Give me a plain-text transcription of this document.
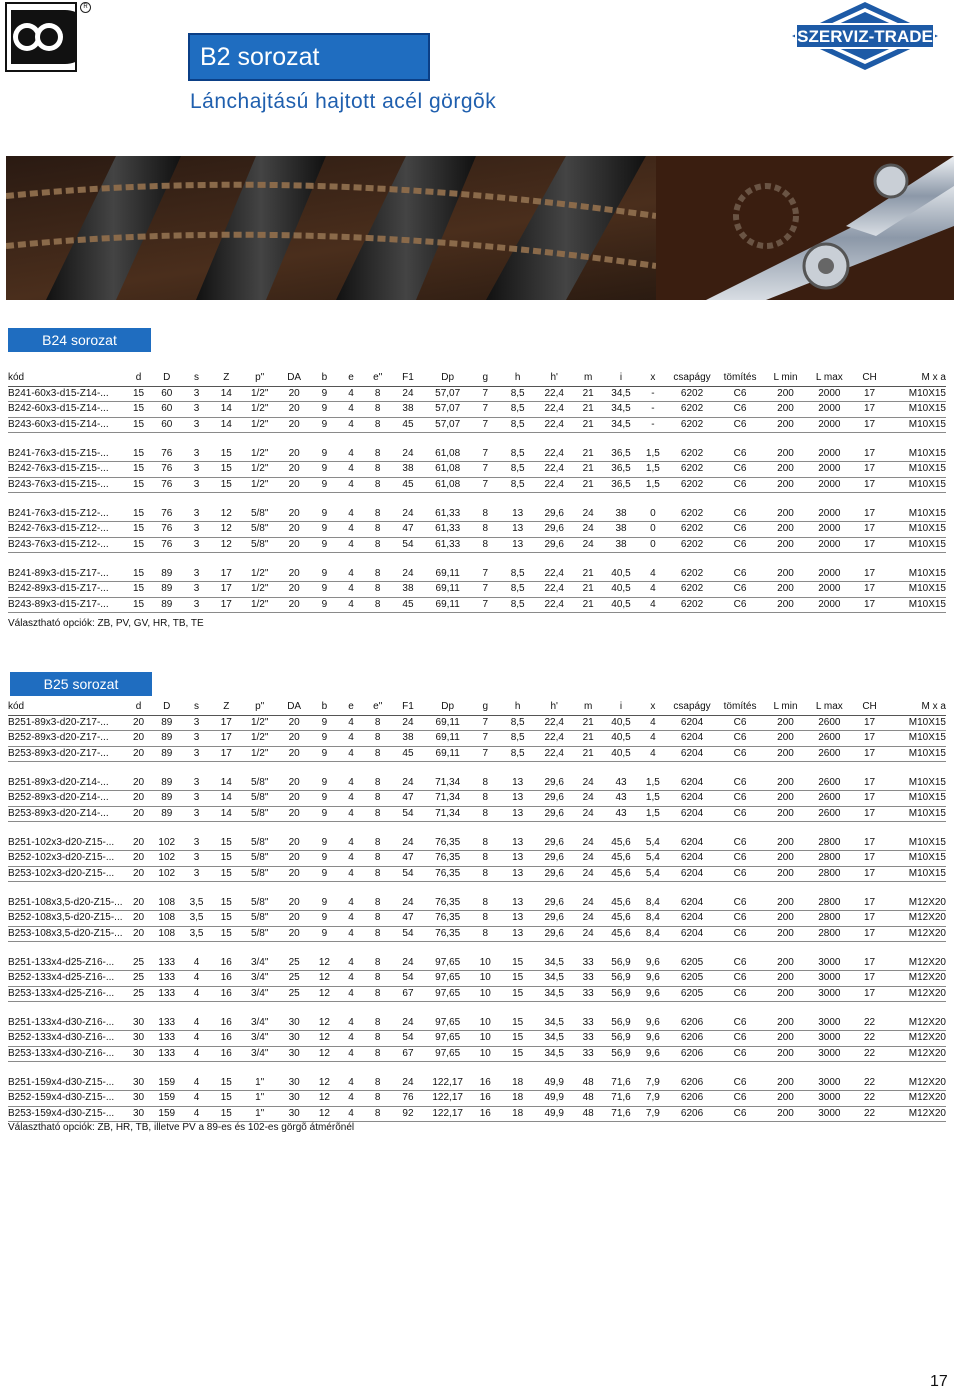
R
B2 sorozat
Lánchajtású hajtott acél görgõk
SZERVIZ-TRADE
B24 sorozat
kód	d	D	s	Z	p"	DA	b	e	e"	F1	Dp	g	h	h'	m	i	x	csapágy	tömítés	L min	L max	CH	M x a
B241-60x3-d15-Z14-...	15	60	3	14	1/2"	20	9	4	8	24	57,07	7	8,5	22,4	21	34,5	-	6202	C6	200	2000	17	M10X15
B242-60x3-d15-Z14-...	15	60	3	14	1/2"	20	9	4	8	38	57,07	7	8,5	22,4	21	34,5	-	6202	C6	200	2000	17	M10X15
B243-60x3-d15-Z14-...	15	60	3	14	1/2"	20	9	4	8	45	57,07	7	8,5	22,4	21	34,5	-	6202	C6	200	2000	17	M10X15

B241-76x3-d15-Z15-...	15	76	3	15	1/2"	20	9	4	8	24	61,08	7	8,5	22,4	21	36,5	1,5	6202	C6	200	2000	17	M10X15
B242-76x3-d15-Z15-...	15	76	3	15	1/2"	20	9	4	8	38	61,08	7	8,5	22,4	21	36,5	1,5	6202	C6	200	2000	17	M10X15
B243-76x3-d15-Z15-...	15	76	3	15	1/2"	20	9	4	8	45	61,08	7	8,5	22,4	21	36,5	1,5	6202	C6	200	2000	17	M10X15

B241-76x3-d15-Z12-...	15	76	3	12	5/8"	20	9	4	8	24	61,33	8	13	29,6	24	38	0	6202	C6	200	2000	17	M10X15
B242-76x3-d15-Z12-...	15	76	3	12	5/8"	20	9	4	8	47	61,33	8	13	29,6	24	38	0	6202	C6	200	2000	17	M10X15
B243-76x3-d15-Z12-...	15	76	3	12	5/8"	20	9	4	8	54	61,33	8	13	29,6	24	38	0	6202	C6	200	2000	17	M10X15

B241-89x3-d15-Z17-...	15	89	3	17	1/2"	20	9	4	8	24	69,11	7	8,5	22,4	21	40,5	4	6202	C6	200	2000	17	M10X15
B242-89x3-d15-Z17-...	15	89	3	17	1/2"	20	9	4	8	38	69,11	7	8,5	22,4	21	40,5	4	6202	C6	200	2000	17	M10X15
B243-89x3-d15-Z17-...	15	89	3	17	1/2"	20	9	4	8	45	69,11	7	8,5	22,4	21	40,5	4	6202	C6	200	2000	17	M10X15
Választható opciók: ZB, PV, GV, HR, TB, TE
B25 sorozat
kód	d	D	s	Z	p"	DA	b	e	e"	F1	Dp	g	h	h'	m	i	x	csapágy	tömítés	L min	L max	CH	M x a
B251-89x3-d20-Z17-...	20	89	3	17	1/2"	20	9	4	8	24	69,11	7	8,5	22,4	21	40,5	4	6204	C6	200	2600	17	M10X15
B252-89x3-d20-Z17-...	20	89	3	17	1/2"	20	9	4	8	38	69,11	7	8,5	22,4	21	40,5	4	6204	C6	200	2600	17	M10X15
B253-89x3-d20-Z17-...	20	89	3	17	1/2"	20	9	4	8	45	69,11	7	8,5	22,4	21	40,5	4	6204	C6	200	2600	17	M10X15

B251-89x3-d20-Z14-...	20	89	3	14	5/8"	20	9	4	8	24	71,34	8	13	29,6	24	43	1,5	6204	C6	200	2600	17	M10X15
B252-89x3-d20-Z14-...	20	89	3	14	5/8"	20	9	4	8	47	71,34	8	13	29,6	24	43	1,5	6204	C6	200	2600	17	M10X15
B253-89x3-d20-Z14-...	20	89	3	14	5/8"	20	9	4	8	54	71,34	8	13	29,6	24	43	1,5	6204	C6	200	2600	17	M10X15

B251-102x3-d20-Z15-...	20	102	3	15	5/8"	20	9	4	8	24	76,35	8	13	29,6	24	45,6	5,4	6204	C6	200	2800	17	M10X15
B252-102x3-d20-Z15-...	20	102	3	15	5/8"	20	9	4	8	47	76,35	8	13	29,6	24	45,6	5,4	6204	C6	200	2800	17	M10X15
B253-102x3-d20-Z15-...	20	102	3	15	5/8"	20	9	4	8	54	76,35	8	13	29,6	24	45,6	5,4	6204	C6	200	2800	17	M10X15

B251-108x3,5-d20-Z15-...	20	108	3,5	15	5/8"	20	9	4	8	24	76,35	8	13	29,6	24	45,6	8,4	6204	C6	200	2800	17	M12X20
B252-108x3,5-d20-Z15-...	20	108	3,5	15	5/8"	20	9	4	8	47	76,35	8	13	29,6	24	45,6	8,4	6204	C6	200	2800	17	M12X20
B253-108x3,5-d20-Z15-...	20	108	3,5	15	5/8"	20	9	4	8	54	76,35	8	13	29,6	24	45,6	8,4	6204	C6	200	2800	17	M12X20

B251-133x4-d25-Z16-...	25	133	4	16	3/4"	25	12	4	8	24	97,65	10	15	34,5	33	56,9	9,6	6205	C6	200	3000	17	M12X20
B252-133x4-d25-Z16-...	25	133	4	16	3/4"	25	12	4	8	54	97,65	10	15	34,5	33	56,9	9,6	6205	C6	200	3000	17	M12X20
B253-133x4-d25-Z16-...	25	133	4	16	3/4"	25	12	4	8	67	97,65	10	15	34,5	33	56,9	9,6	6205	C6	200	3000	17	M12X20

B251-133x4-d30-Z16-...	30	133	4	16	3/4"	30	12	4	8	24	97,65	10	15	34,5	33	56,9	9,6	6206	C6	200	3000	22	M12X20
B252-133x4-d30-Z16-...	30	133	4	16	3/4"	30	12	4	8	54	97,65	10	15	34,5	33	56,9	9,6	6206	C6	200	3000	22	M12X20
B253-133x4-d30-Z16-...	30	133	4	16	3/4"	30	12	4	8	67	97,65	10	15	34,5	33	56,9	9,6	6206	C6	200	3000	22	M12X20

B251-159x4-d30-Z15-...	30	159	4	15	1"	30	12	4	8	24	122,17	16	18	49,9	48	71,6	7,9	6206	C6	200	3000	22	M12X20
B252-159x4-d30-Z15-...	30	159	4	15	1"	30	12	4	8	76	122,17	16	18	49,9	48	71,6	7,9	6206	C6	200	3000	22	M12X20
B253-159x4-d30-Z15-...	30	159	4	15	1"	30	12	4	8	92	122,17	16	18	49,9	48	71,6	7,9	6206	C6	200	3000	22	M12X20
Választható opciók: ZB, HR, TB, illetve PV a 89-es és 102-es görgõ átmérõnél
17
